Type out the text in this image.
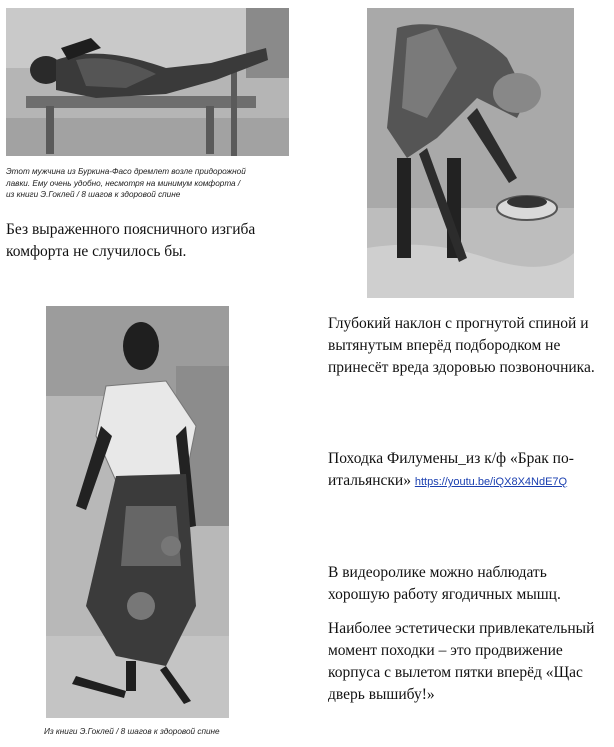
Этот мужчина из Буркина-Фасо дремлет возле придорожной
лавки. Ему очень удобно, несмотря на минимум комфорта /
из книги Э.Гоклей / 8 шагов к здоровой спине
Без выраженного поясничного изгиба
комфорта не случилось бы.
Глубокий наклон с прогнутой спиной и
вытянутым вперёд подбородком не
принесёт вреда здоровью позвоночника.
Походка Филумены_из к/ф «Брак по-
итальянски» https://youtu.be/iQX8X4NdE7Q
В видеоролике можно наблюдать
хорошую работу ягодичных мышц.
Наиболее эстетически привлекательный
момент походки – это продвижение
корпуса с вылетом пятки вперёд «Щас
дверь вышибу!»
Из книги Э.Гоклей / 8 шагов к здоровой спине
